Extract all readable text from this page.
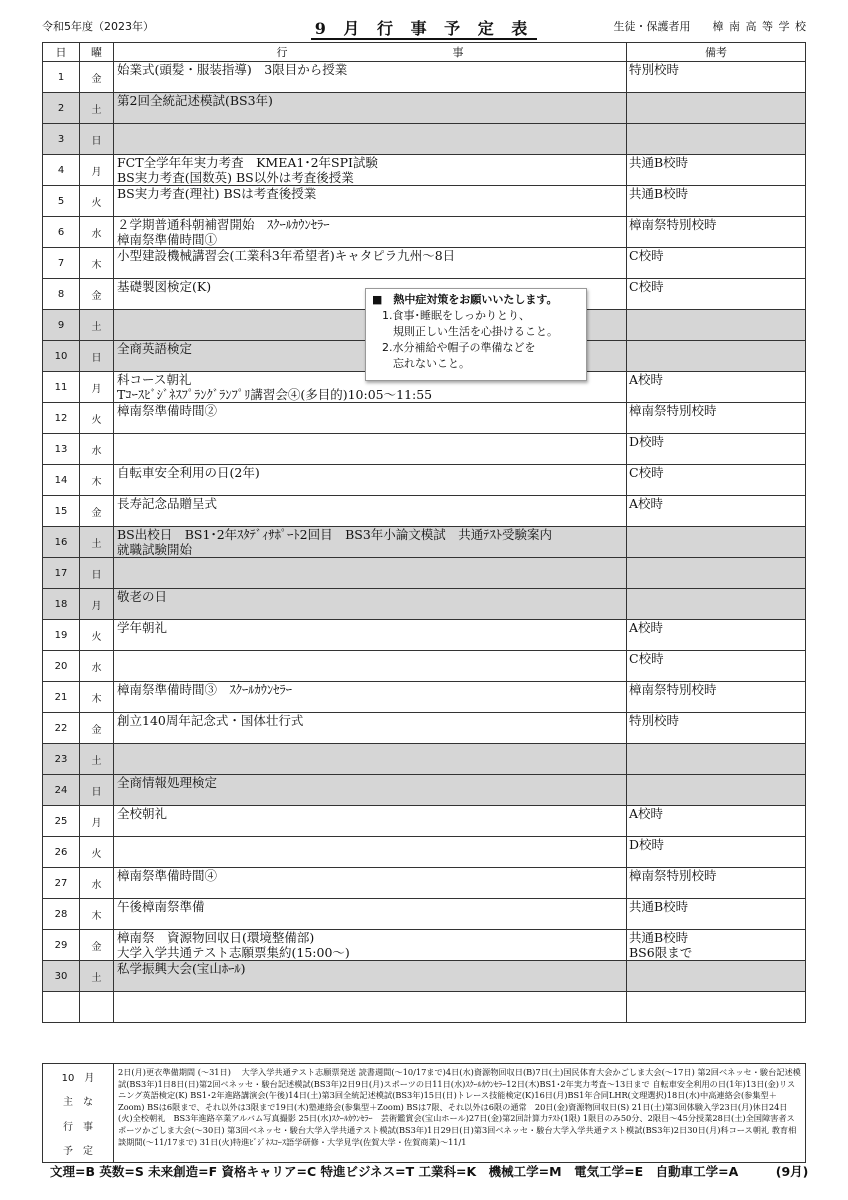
令和5年度（2023年）	9 月 行 事 予 定 表	生徒・保護者用　　樟 南 高 等 学 校
日	曜	行　　　　　　　　　　　　　　　事	備考
1	金	始業式(頭髪・服装指導)　3限目から授業	特別校時
2	土	第2回全統記述模試(BS3年)	
3	日		
4	月	FCT全学年年実力考査　KMEA1･2年SPI試験
BS実力考査(国数英) BS以外は考査後授業	共通B校時
5	火	BS実力考査(理社) BSは考査後授業	共通B校時
6	水	２学期普通科朝補習開始　ｽｸｰﾙｶｳﾝｾﾗｰ
樟南祭準備時間①	樟南祭特別校時
7	木	小型建設機械講習会(工業科3年希望者)キャタピラ九州～8日	C校時
8	金	基礎製図検定(K)	C校時
9	土		
10	日	全商英語検定	
11	月	科コース朝礼
Tｺｰｽﾋﾞｼﾞﾈｽﾌﾟﾗﾝｸﾞﾗﾝﾌﾟﾘ講習会④(多目的)10:05～11:55	A校時
12	火	樟南祭準備時間②	樟南祭特別校時
13	水		D校時
14	木	自転車安全利用の日(2年)	C校時
15	金	長寿記念品贈呈式	A校時
16	土	BS出校日　BS1･2年ｽﾀﾃﾞｨｻﾎﾟｰﾄ2回目　BS3年小論文模試　共通ﾃｽﾄ受験案内
就職試験開始	
17	日		
18	月	敬老の日	
19	火	学年朝礼	A校時
20	水		C校時
21	木	樟南祭準備時間③　ｽｸｰﾙｶｳﾝｾﾗｰ	樟南祭特別校時
22	金	創立140周年記念式・国体壮行式	特別校時
23	土		
24	日	全商情報処理検定	
25	月	全校朝礼	A校時
26	火		D校時
27	水	樟南祭準備時間④	樟南祭特別校時
28	木	午後樟南祭準備	共通B校時
29	金	樟南祭　資源物回収日(環境整備部)
大学入学共通テスト志願票集約(15:00～)	共通B校時
BS6限まで
30	土	私学振興大会(宝山ﾎｰﾙ)	

■　熱中症対策をお願いいたします。
1.食事･睡眠をしっかりとり、
　規則正しい生活を心掛けること。
2.水分補給や帽子の準備などを
　忘れないこと。
10　月
主　な
行　事
予　定

2日(月)更衣準備期間 (～31日)　 大学入学共通テスト志願票発送 読書週間(～10/17まで)4日(水)資源物回収日(B)7日(土)国民体育大会かごしま大会(～17日) 第2回ベネッセ・駿台記述模試(BS3年)1日8日(日)第2回ベネッセ・駿台記述模試(BS3年)2日9日(月)スポーツの日11日(水)ｽｸｰﾙｶｳﾝｾﾗｰ12日(木)BS1･2年実力考査～13日まで 自転車安全利用の日(1年)13日(金)リスニング英語検定(K) BS1･2年進路講演会(午後)14日(土)第3回全統記述模試(BS3年)15日(日)トレース技能検定(K)16日(月)BS1年合同LHR(文理選択)18日(水)中高連絡会(参集型＋Zoom) BSは6限まで、それ以外は3限まで19日(木)塾連絡会(参集型＋Zoom) BSは7限、それ以外は6限の通常　20日(金)資源物回収日(S) 21日(土)第3回体験入学23日(月)休日24日(火)全校朝礼　BS3年進路卒業アルバム写真撮影 25日(水)ｽｸｰﾙｶｳﾝｾﾗｰ　芸術鑑賞会(宝山ホール)27日(金)第2回計算力ﾃｽﾄ(1限) 1限目のみ50分、2限目～45分授業28日(土)全国障害者スポーツかごしま大会(～30日) 第3回ベネッセ・駿台大学入学共通テスト模試(BS3年)1日29日(日)第3回ベネッセ・駿台大学入学共通テスト模試(BS3年)2日30日(月)科コース朝礼 教育相談期間(～11/17まで) 31日(火)特進ﾋﾞｼﾞﾈｽｺｰｽ語学研修・大学見学(佐賀大学・佐賀商業)～11/1
文理=B 英数=S 未来創造=F 資格キャリア=C 特進ビジネス=T 工業科=K　機械工学=M　電気工学=E　自動車工学=A　　　(9月)
